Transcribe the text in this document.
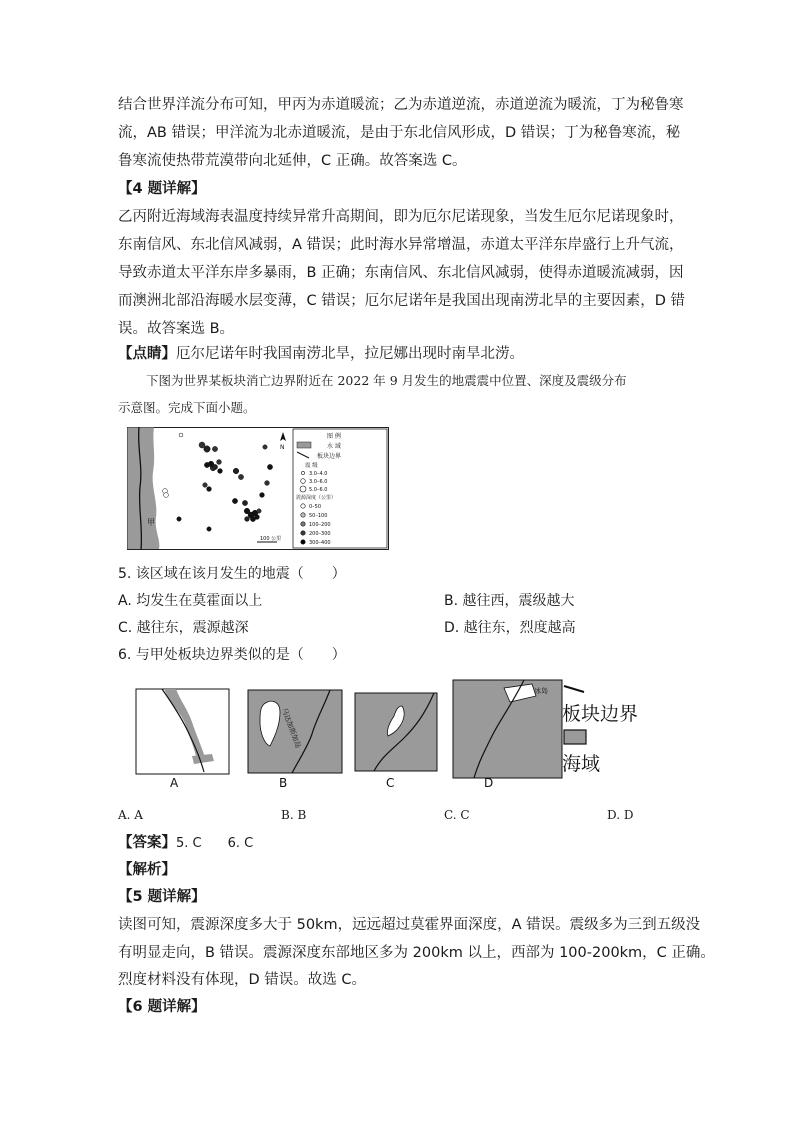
结合世界洋流分布可知，甲丙为赤道暖流；乙为赤道逆流，赤道逆流为暖流，丁为秘鲁寒
流，AB 错误；甲洋流为北赤道暖流，是由于东北信风形成，D 错误；丁为秘鲁寒流，秘
鲁寒流使热带荒漠带向北延伸，C 正确。故答案选 C。
【4 题详解】
乙丙附近海域海表温度持续异常升高期间，即为厄尔尼诺现象，当发生厄尔尼诺现象时，
东南信风、东北信风减弱，A 错误；此时海水异常增温，赤道太平洋东岸盛行上升气流，
导致赤道太平洋东岸多暴雨，B 正确；东南信风、东北信风减弱，使得赤道暖流减弱，因
而澳洲北部沿海暖水层变薄，C 错误；厄尔尼诺年是我国出现南涝北旱的主要因素，D 错
误。故答案选 B。
【点睛】厄尔尼诺年时我国南涝北旱，拉尼娜出现时南旱北涝。
下图为世界某板块消亡边界附近在 2022 年 9 月发生的地震震中位置、深度及震级分布
示意图。完成下面小题。
甲
N
100 公里
图 例
水 域
板块边界
震 级
3.0–4.0
3.0–6.0
5.0–6.0
震源深度（公里）
0–50
50–100
100–200
200–300
300–400
5. 该区域在该月发生的地震（　　）
A. 均发生在莫霍面以上	B. 越往西，震级越大
C. 越往东，震源越深	D. 越往东，烈度越高
6. 与甲处板块边界类似的是（　　）
马达加斯加岛
冰岛
板块边界
海域
A	B	C	D
A. A	B. B	C. C	D. D
【答案】5. C　　6. C
【解析】
【5 题详解】
读图可知，震源深度多大于 50km，远远超过莫霍界面深度，A 错误。震级多为三到五级没
有明显走向，B 错误。震源深度东部地区多为 200km 以上，西部为 100-200km，C 正确。
烈度材料没有体现，D 错误。故选 C。
【6 题详解】
